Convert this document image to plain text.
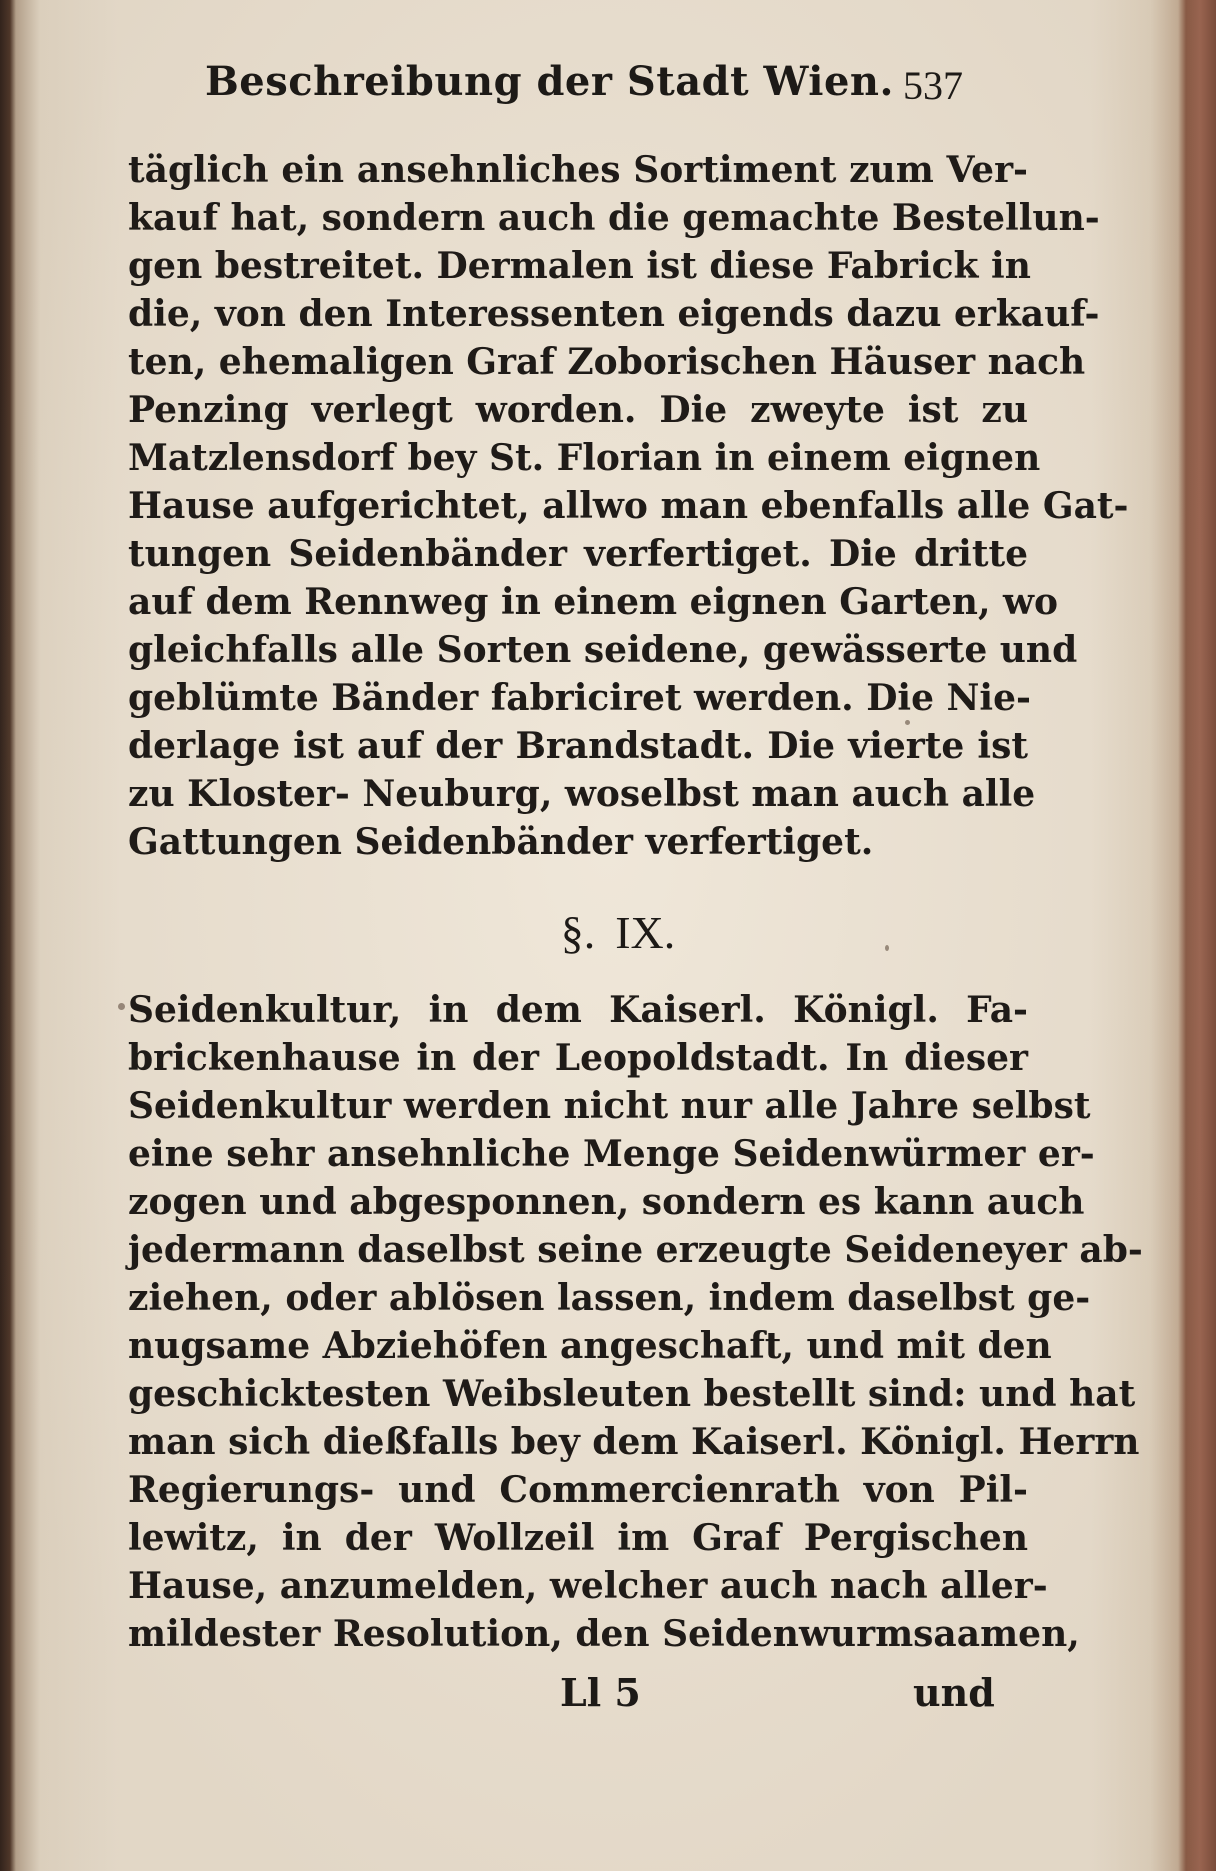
Beschreibung der Stadt Wien. 537
täglich ein ansehnliches Sortiment zum Ver-
kauf hat, sondern auch die gemachte Bestellun-
gen bestreitet. Dermalen ist diese Fabrick in
die, von den Interessenten eigends dazu erkauf-
ten, ehemaligen Graf Zoborischen Häuser nach
Penzing verlegt worden. Die zweyte ist zu
Matzlensdorf bey St. Florian in einem eignen
Hause aufgerichtet, allwo man ebenfalls alle Gat-
tungen Seidenbänder verfertiget. Die dritte
auf dem Rennweg in einem eignen Garten, wo
gleichfalls alle Sorten seidene, gewässerte und
geblümte Bänder fabriciret werden. Die Nie-
derlage ist auf der Brandstadt. Die vierte ist
zu Kloster- Neuburg, woselbst man auch alle
Gattungen Seidenbänder verfertiget.
§. IX.
Seidenkultur, in dem Kaiserl. Königl. Fa-
brickenhause in der Leopoldstadt. In dieser
Seidenkultur werden nicht nur alle Jahre selbst
eine sehr ansehnliche Menge Seidenwürmer er-
zogen und abgesponnen, sondern es kann auch
jedermann daselbst seine erzeugte Seideneyer ab-
ziehen, oder ablösen lassen, indem daselbst ge-
nugsame Abziehöfen angeschaft, und mit den
geschicktesten Weibsleuten bestellt sind: und hat
man sich dießfalls bey dem Kaiserl. Königl. Herrn
Regierungs- und Commercienrath von Pil-
lewitz, in der Wollzeil im Graf Pergischen
Hause, anzumelden, welcher auch nach aller-
mildester Resolution, den Seidenwurmsaamen,
Ll 5	und
